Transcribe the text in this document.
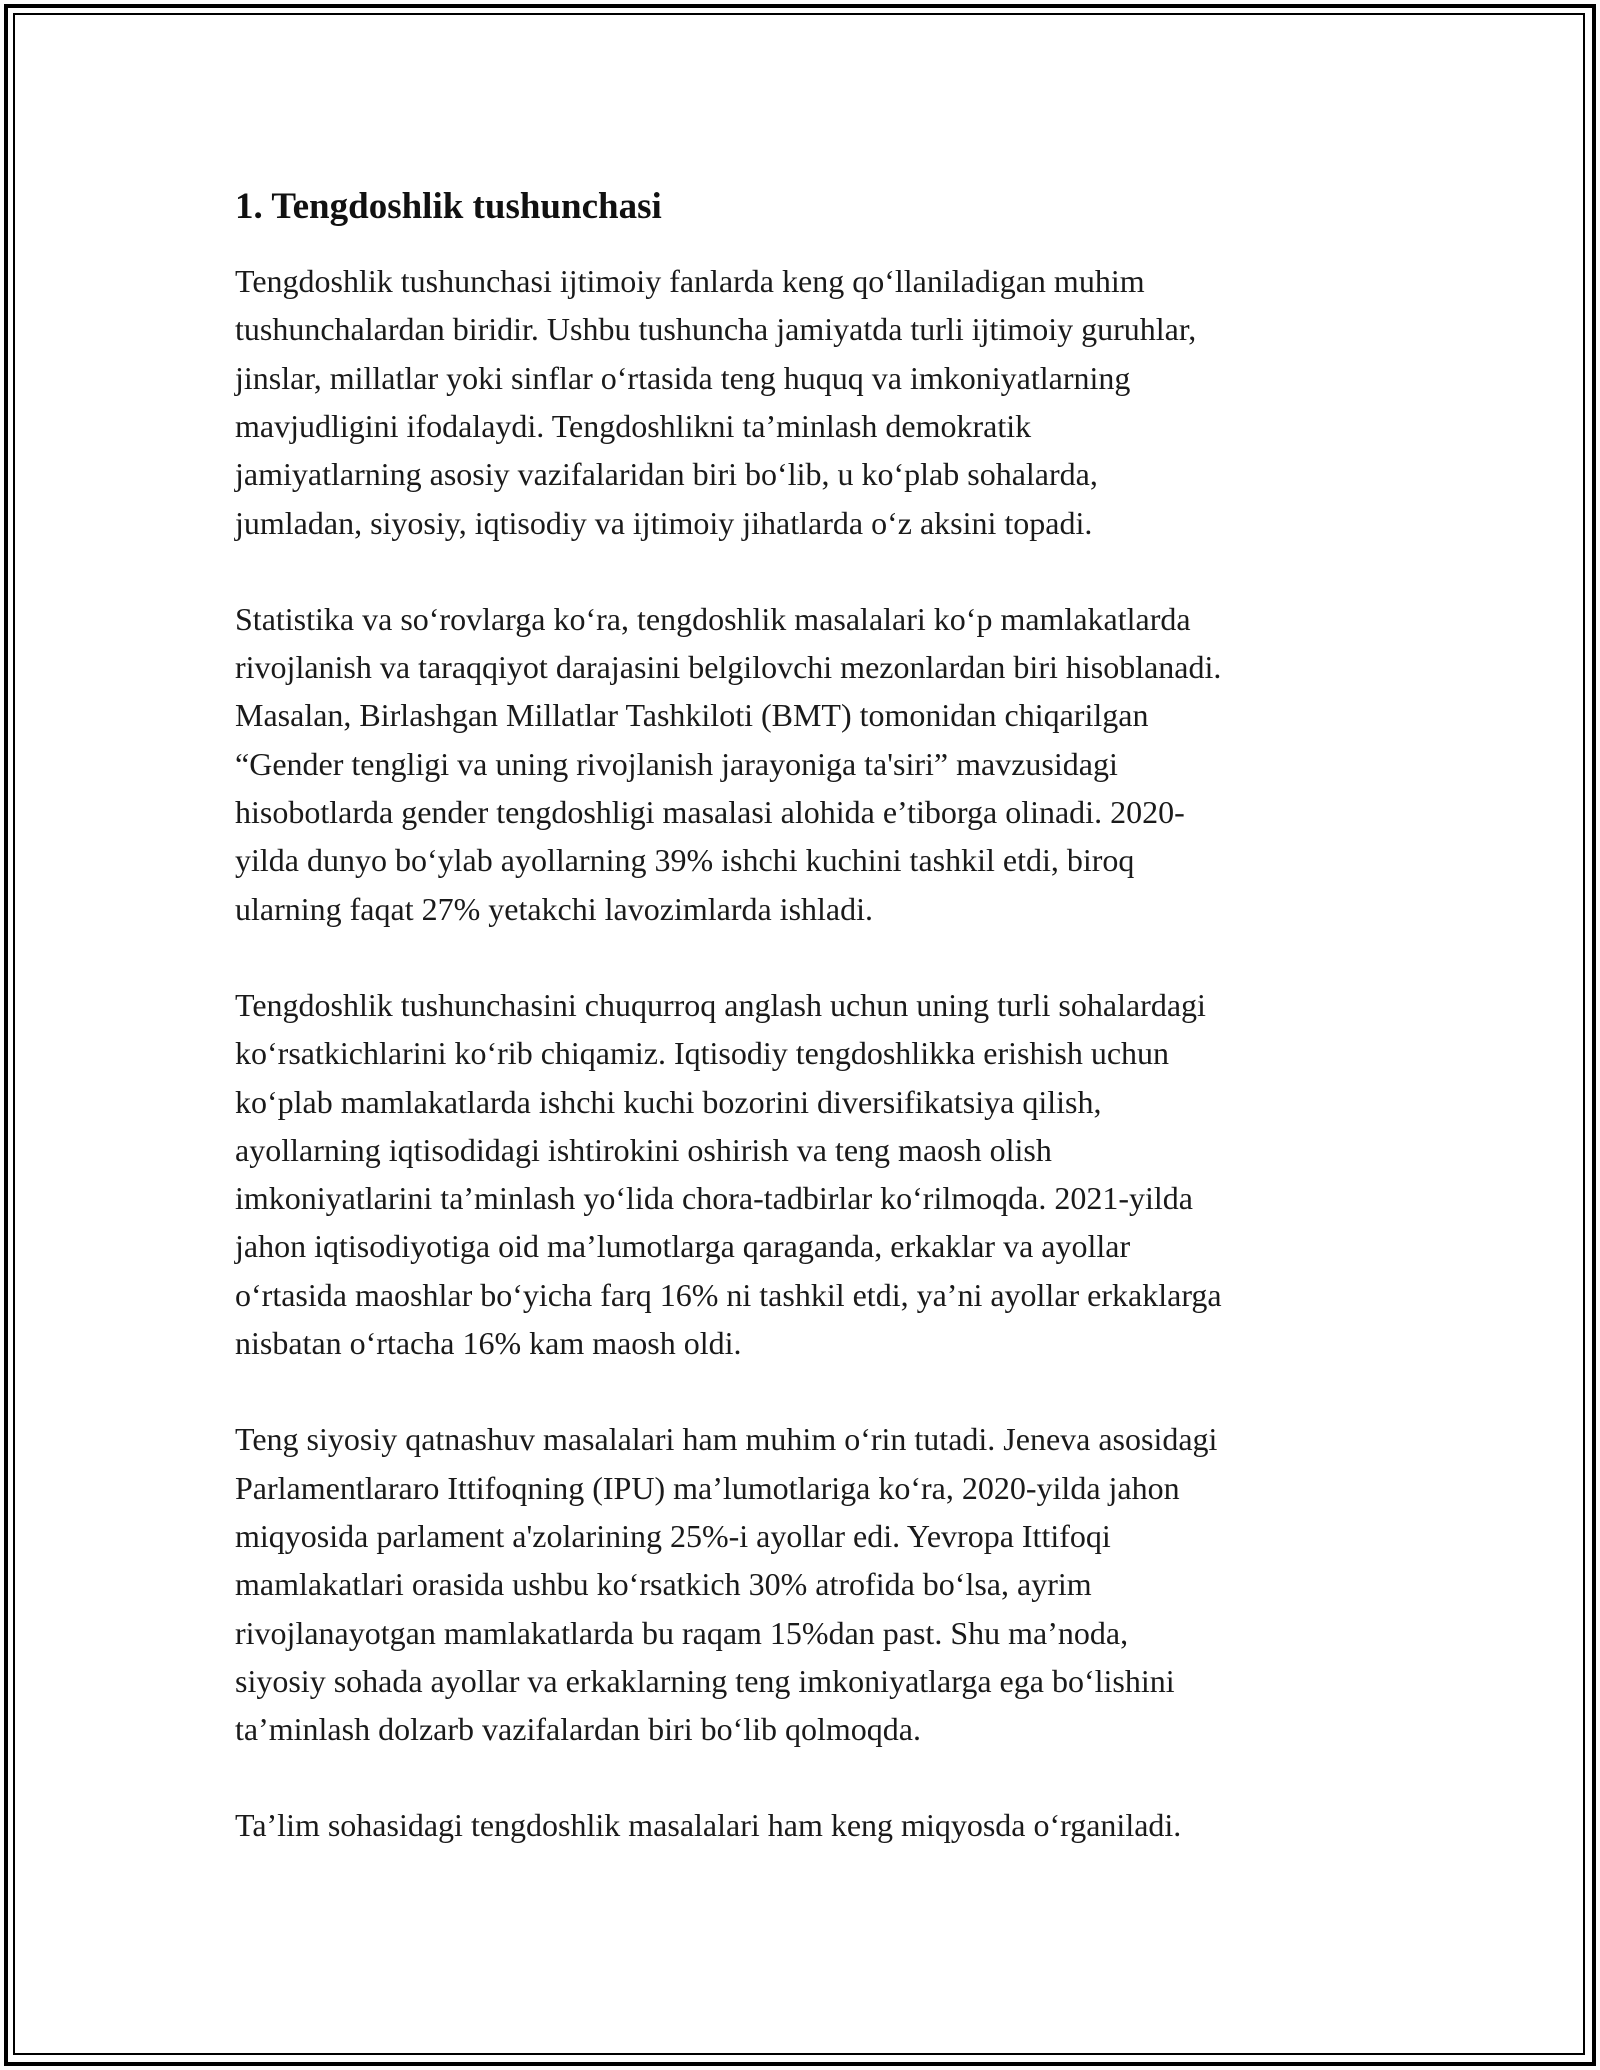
1. Tengdoshlik tushunchasi

Tengdoshlik tushunchasi ijtimoiy fanlarda keng qo‘llaniladigan muhim
tushunchalardan biridir. Ushbu tushuncha jamiyatda turli ijtimoiy guruhlar,
jinslar, millatlar yoki sinflar o‘rtasida teng huquq va imkoniyatlarning
mavjudligini ifodalaydi. Tengdoshlikni ta’minlash demokratik
jamiyatlarning asosiy vazifalaridan biri bo‘lib, u ko‘plab sohalarda,
jumladan, siyosiy, iqtisodiy va ijtimoiy jihatlarda o‘z aksini topadi.

Statistika va so‘rovlarga ko‘ra, tengdoshlik masalalari ko‘p mamlakatlarda
rivojlanish va taraqqiyot darajasini belgilovchi mezonlardan biri hisoblanadi.
Masalan, Birlashgan Millatlar Tashkiloti (BMT) tomonidan chiqarilgan
“Gender tengligi va uning rivojlanish jarayoniga ta'siri” mavzusidagi
hisobotlarda gender tengdoshligi masalasi alohida e’tiborga olinadi. 2020-
yilda dunyo bo‘ylab ayollarning 39% ishchi kuchini tashkil etdi, biroq
ularning faqat 27% yetakchi lavozimlarda ishladi.

Tengdoshlik tushunchasini chuqurroq anglash uchun uning turli sohalardagi
ko‘rsatkichlarini ko‘rib chiqamiz. Iqtisodiy tengdoshlikka erishish uchun
ko‘plab mamlakatlarda ishchi kuchi bozorini diversifikatsiya qilish,
ayollarning iqtisodidagi ishtirokini oshirish va teng maosh olish
imkoniyatlarini ta’minlash yo‘lida chora-tadbirlar ko‘rilmoqda. 2021-yilda
jahon iqtisodiyotiga oid ma’lumotlarga qaraganda, erkaklar va ayollar
o‘rtasida maoshlar bo‘yicha farq 16% ni tashkil etdi, ya’ni ayollar erkaklarga
nisbatan o‘rtacha 16% kam maosh oldi.

Teng siyosiy qatnashuv masalalari ham muhim o‘rin tutadi. Jeneva asosidagi
Parlamentlararo Ittifoqning (IPU) ma’lumotlariga ko‘ra, 2020-yilda jahon
miqyosida parlament a'zolarining 25%-i ayollar edi. Yevropa Ittifoqi
mamlakatlari orasida ushbu ko‘rsatkich 30% atrofida bo‘lsa, ayrim
rivojlanayotgan mamlakatlarda bu raqam 15%dan past. Shu ma’noda,
siyosiy sohada ayollar va erkaklarning teng imkoniyatlarga ega bo‘lishini
ta’minlash dolzarb vazifalardan biri bo‘lib qolmoqda.

Ta’lim sohasidagi tengdoshlik masalalari ham keng miqyosda o‘rganiladi.
